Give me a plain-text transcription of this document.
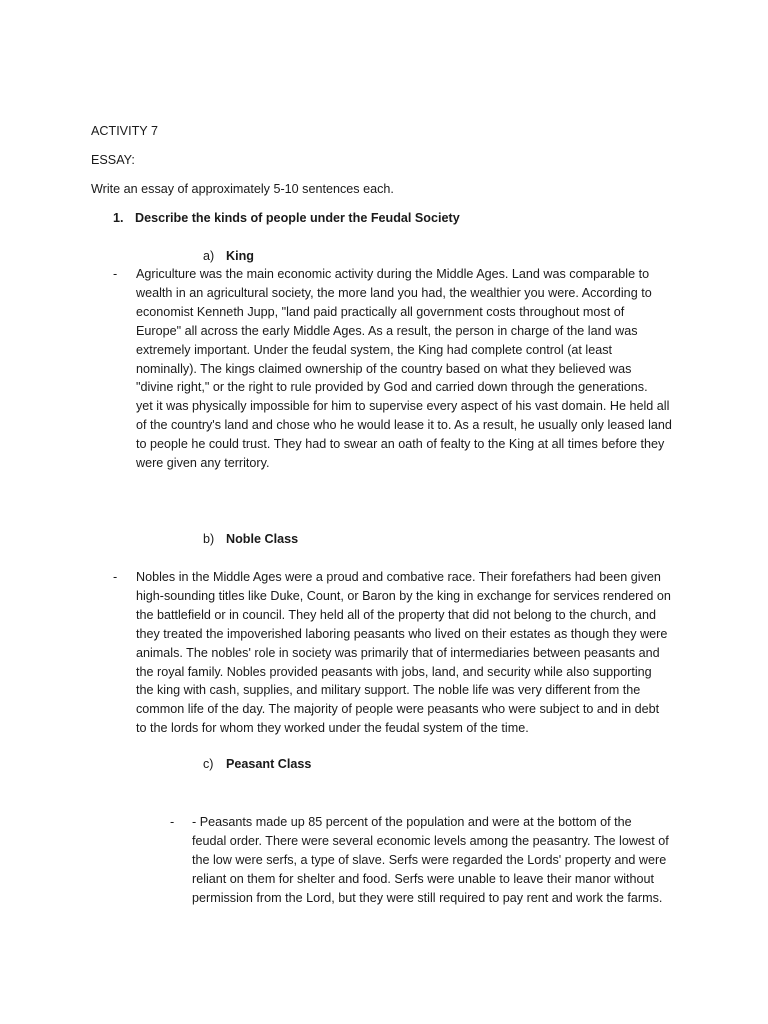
ACTIVITY 7

ESSAY:

Write an essay of approximately 5-10 sentences each.

1. Describe the kinds of people under the Feudal Society

a) King

- Agriculture was the main economic activity during the Middle Ages. Land was comparable to
wealth in an agricultural society, the more land you had, the wealthier you were. According to
economist Kenneth Jupp, "land paid practically all government costs throughout most of
Europe" all across the early Middle Ages. As a result, the person in charge of the land was
extremely important. Under the feudal system, the King had complete control (at least
nominally). The kings claimed ownership of the country based on what they believed was
"divine right," or the right to rule provided by God and carried down through the generations.
yet it was physically impossible for him to supervise every aspect of his vast domain. He held all
of the country's land and chose who he would lease it to. As a result, he usually only leased land
to people he could trust. They had to swear an oath of fealty to the King at all times before they
were given any territory.

b) Noble Class

- Nobles in the Middle Ages were a proud and combative race. Their forefathers had been given
high-sounding titles like Duke, Count, or Baron by the king in exchange for services rendered on
the battlefield or in council. They held all of the property that did not belong to the church, and
they treated the impoverished laboring peasants who lived on their estates as though they were
animals. The nobles' role in society was primarily that of intermediaries between peasants and
the royal family. Nobles provided peasants with jobs, land, and security while also supporting
the king with cash, supplies, and military support. The noble life was very different from the
common life of the day. The majority of people were peasants who were subject to and in debt
to the lords for whom they worked under the feudal system of the time.

c) Peasant Class

- - Peasants made up 85 percent of the population and were at the bottom of the
feudal order. There were several economic levels among the peasantry. The lowest of
the low were serfs, a type of slave. Serfs were regarded the Lords' property and were
reliant on them for shelter and food. Serfs were unable to leave their manor without
permission from the Lord, but they were still required to pay rent and work the farms.
